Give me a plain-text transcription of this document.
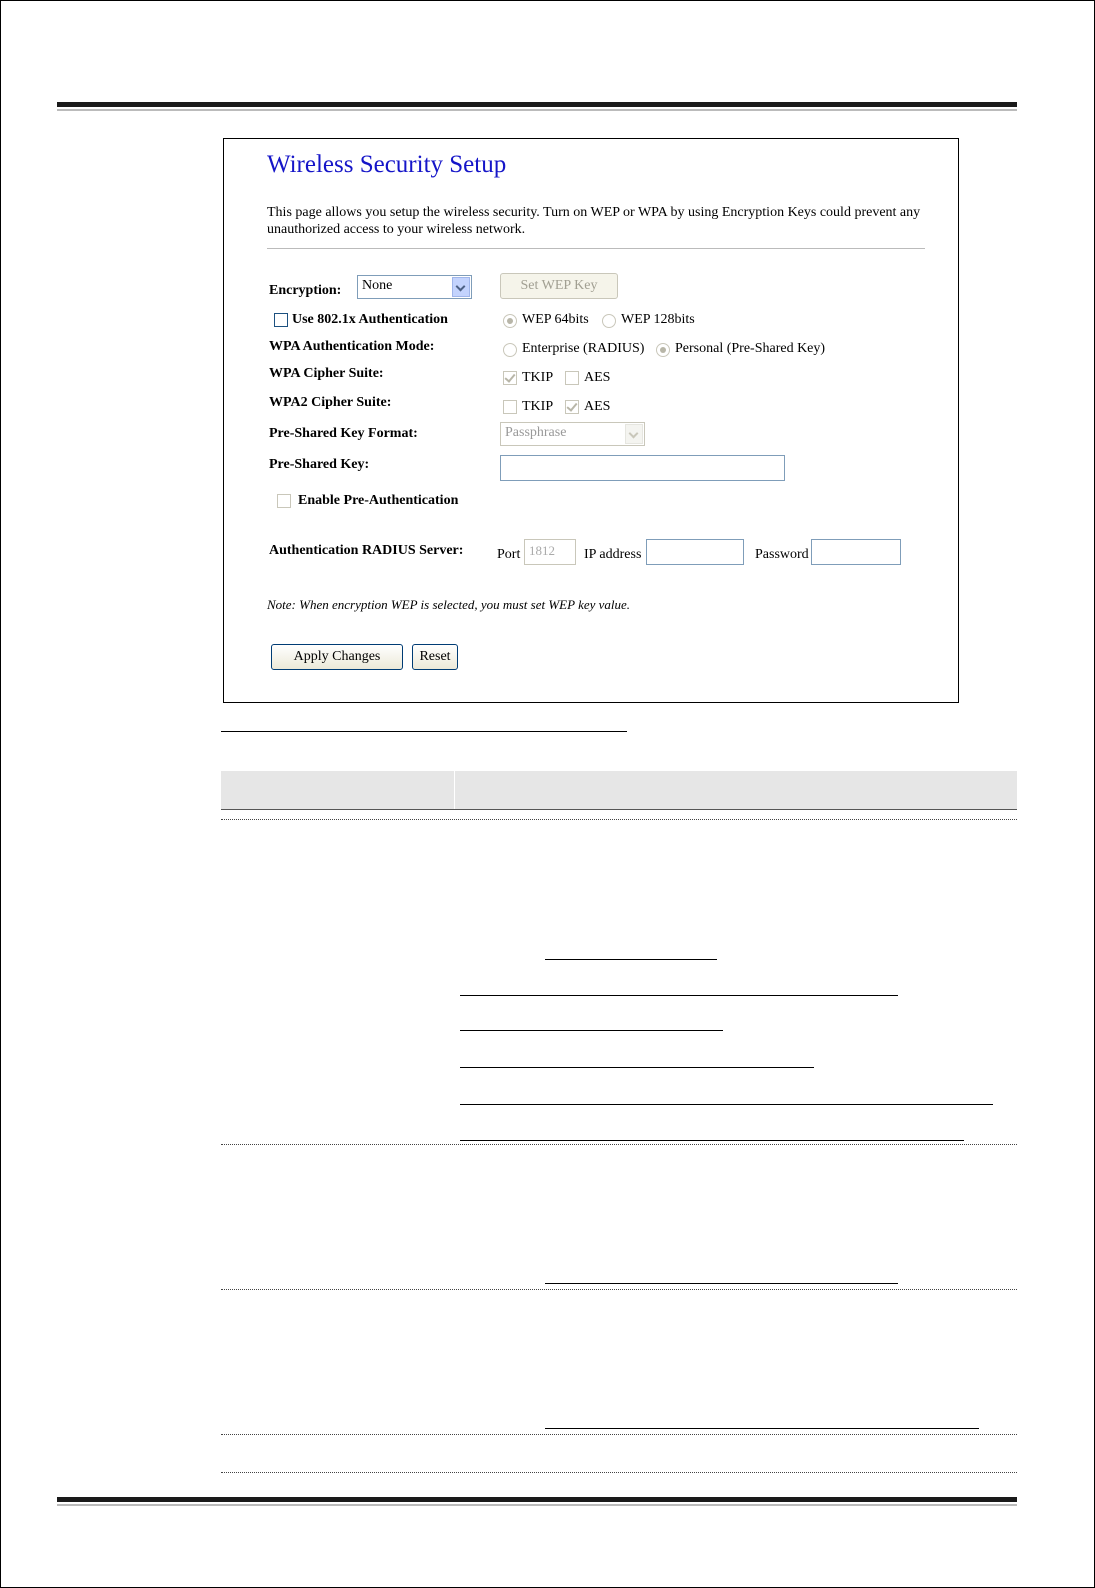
Wireless Security Setup
This page allows you setup the wireless security. Turn on WEP or WPA by using Encryption Keys could prevent any unauthorized access to your wireless network.
Encryption:	None	Set WEP Key
Use 802.1x Authentication	WEP 64bits WEP 128bits
WPA Authentication Mode:	Enterprise (RADIUS) Personal (Pre-Shared Key)
WPA Cipher Suite:	TKIP AES
WPA2 Cipher Suite:	TKIP AES
Pre-Shared Key Format:	Passphrase
Pre-Shared Key:
Enable Pre-Authentication
Authentication RADIUS Server: Port 1812	IP address	Password
Note: When encryption WEP is selected, you must set WEP key value.
Apply Changes	Reset
